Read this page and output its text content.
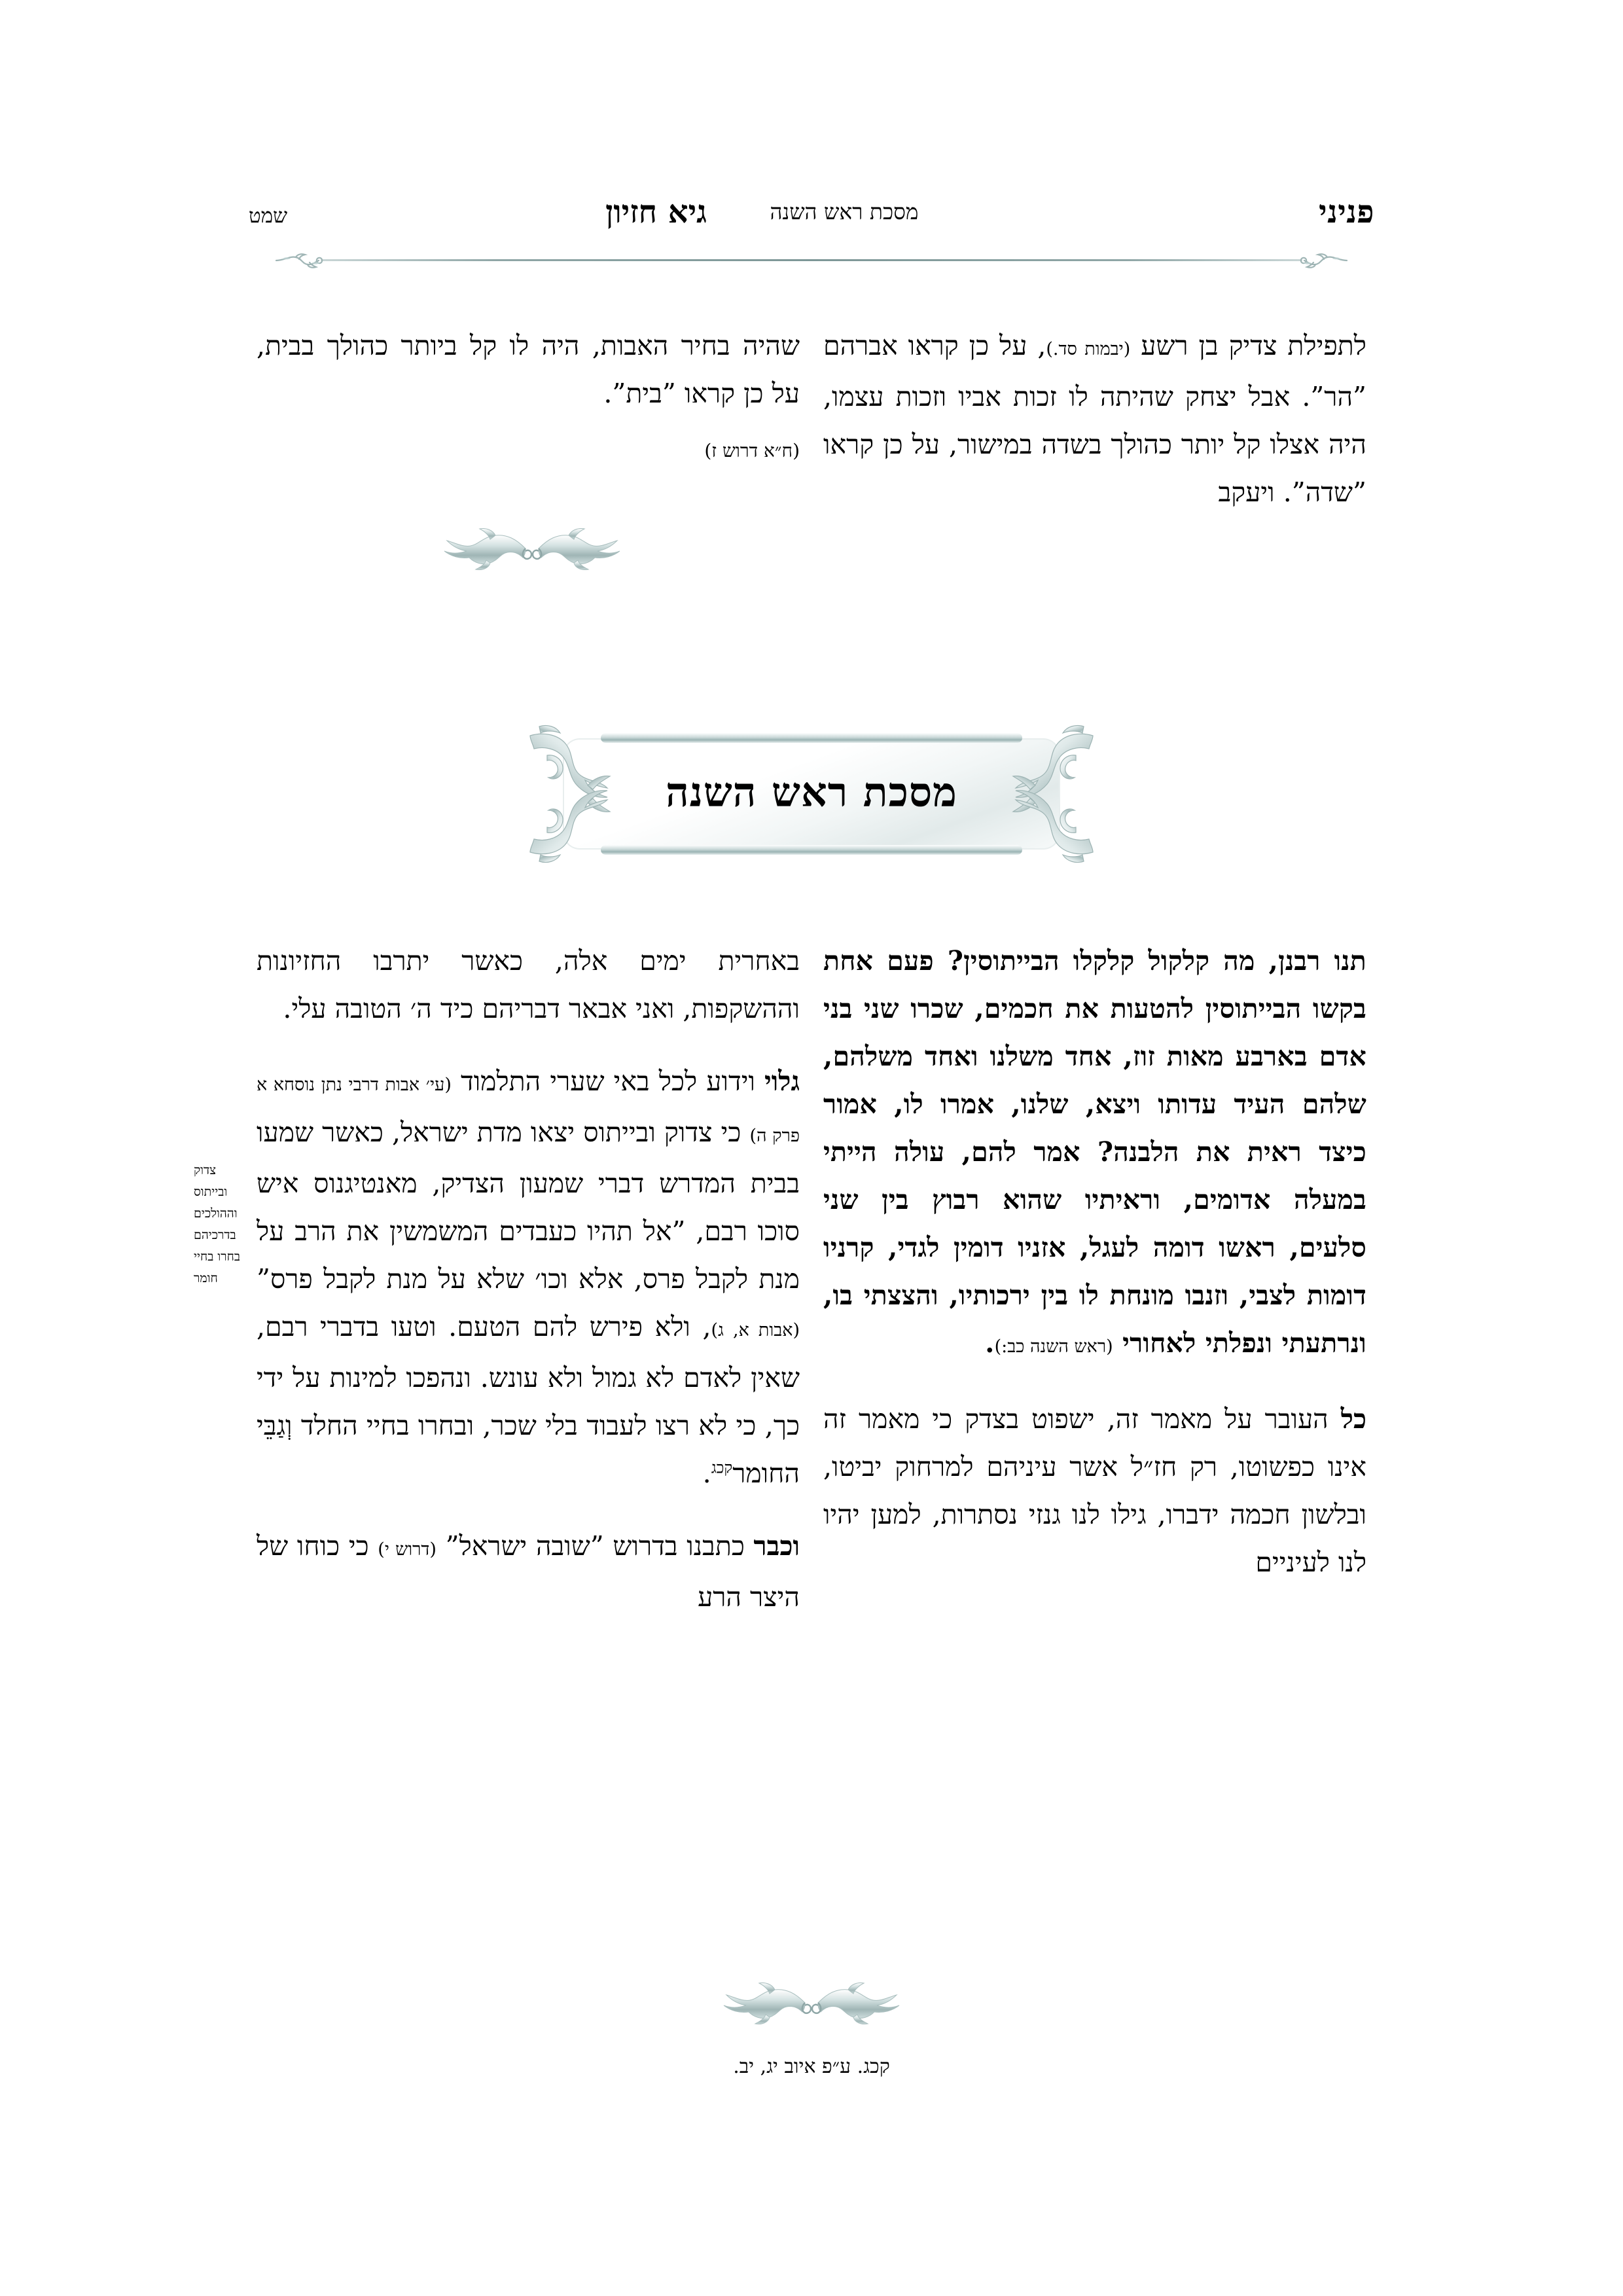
פניני
מסכת ראש השנה
גיא חזיון
שמט

לתפילת צדיק בן רשע (יבמות סד.), על כן קראו אברהם ”הר”. אבל יצחק שהיתה לו זכות אביו וזכות עצמו, היה אצלו קל יותר כהולך בשדה במישור, על כן קראו ”שדה”. ויעקב

שהיה בחיר האבות, היה לו קל ביותר כהולך בבית, על כן קראו ”בית”.

(ח״א דרוש ז)
מסכת ראש השנה

תנו רבנן, מה קלקול קלקלו הבייתוסין? פעם אחת בקשו הבייתוסין להטעות את חכמים, שכרו שני בני אדם בארבע מאות זוז, אחד משלנו ואחד משלהם, שלהם העיד עדותו ויצא, שלנו, אמרו לו, אמור כיצד ראית את הלבנה? אמר להם, עולה הייתי במעלה אדומים, וראיתיו שהוא רבוץ בין שני סלעים, ראשו דומה לעגל, אזניו דומין לגדי, קרניו דומות לצבי, וזנבו מונחת לו בין ירכותיו, והצצתי בו, ונרתעתי ונפלתי לאחורי (ראש השנה כב:).

כל העובר על מאמר זה, ישפוט בצדק כי מאמר זה אינו כפשוטו, רק חז״ל אשר עיניהם למרחוק יביטו, ובלשון חכמה ידברו, גילו לנו גנזי נסתרות, למען יהיו לנו לעיניים

באחרית ימים אלה, כאשר יתרבו החזיונות וההשקפות, ואני אבאר דבריהם כיד ה׳ הטובה עלי.

גלוי וידוע לכל באי שערי התלמוד (עי׳ אבות דרבי נתן נוסחא א פרק ה) כי צדוק ובייתוס יצאו מדת ישראל, כאשר שמעו בבית המדרש דברי שמעון הצדיק, מאנטיגנוס איש סוכו רבם, ”אל תהיו כעבדים המשמשין את הרב על מנת לקבל פרס, אלא וכו׳ שלא על מנת לקבל פרס” (אבות א, ג), ולא פירש להם הטעם. וטעו בדברי רבם, שאין לאדם לא גמול ולא עונש. ונהפכו למינות על ידי כך, כי לא רצו לעבוד בלי שכר, ובחרו בחיי החלד וְגַבֵּי החומר$^{קכג}$.

וכבר כתבנו בדרוש ”שובה ישראל” (דרוש י) כי כוחו של היצר הרע

צדוק ובייתוס
וההולכים
בדרכיהם
בחרו בחיי
חומר
קכג. ע״פ איוב יג, יב.
